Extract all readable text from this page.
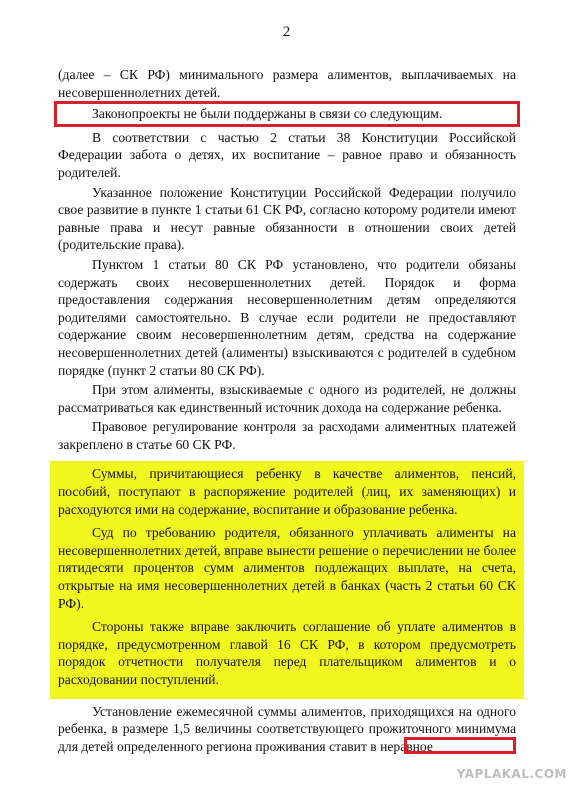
2

(далее – СК РФ) минимального размера алиментов, выплачиваемых на несовершеннолетних детей.

Законопроекты не были поддержаны в связи со следующим.

В соответствии с частью 2 статьи 38 Конституции Российской Федерации забота о детях, их воспитание – равное право и обязанность родителей.

Указанное положение Конституции Российской Федерации получило свое развитие в пункте 1 статьи 61 СК РФ, согласно которому родители имеют равные права и несут равные обязанности в отношении своих детей (родительские права).

Пунктом 1 статьи 80 СК РФ установлено, что родители обязаны содержать своих несовершеннолетних детей. Порядок и форма предоставления содержания несовершеннолетним детям определяются родителями самостоятельно. В случае если родители не предоставляют содержание своим несовершеннолетним детям, средства на содержание несовершеннолетних детей (алименты) взыскиваются с родителей в судебном порядке (пункт 2 статьи 80 СК РФ).

При этом алименты, взыскиваемые с одного из родителей, не должны рассматриваться как единственный источник дохода на содержание ребенка.

Правовое регулирование контроля за расходами алиментных платежей закреплено в статье 60 СК РФ.

Суммы, причитающиеся ребенку в качестве алиментов, пенсий, пособий, поступают в распоряжение родителей (лиц, их заменяющих) и расходуются ими на содержание, воспитание и образование ребенка.

Суд по требованию родителя, обязанного уплачивать алименты на несовершеннолетних детей, вправе вынести решение о перечислении не более пятидесяти процентов сумм алиментов подлежащих выплате, на счета, открытые на имя несовершеннолетних детей в банках (часть 2 статьи 60 СК РФ).

Стороны также вправе заключить соглашение об уплате алиментов в порядке, предусмотренном главой 16 СК РФ, в котором предусмотреть порядок отчетности получателя перед плательщиком алиментов и о расходовании поступлений.

Установление ежемесячной суммы алиментов, приходящихся на одного ребенка, в размере 1,5 величины соответствующего прожиточного минимума для детей определенного региона проживания ставит в неравное

YAPLAKAL.COM
